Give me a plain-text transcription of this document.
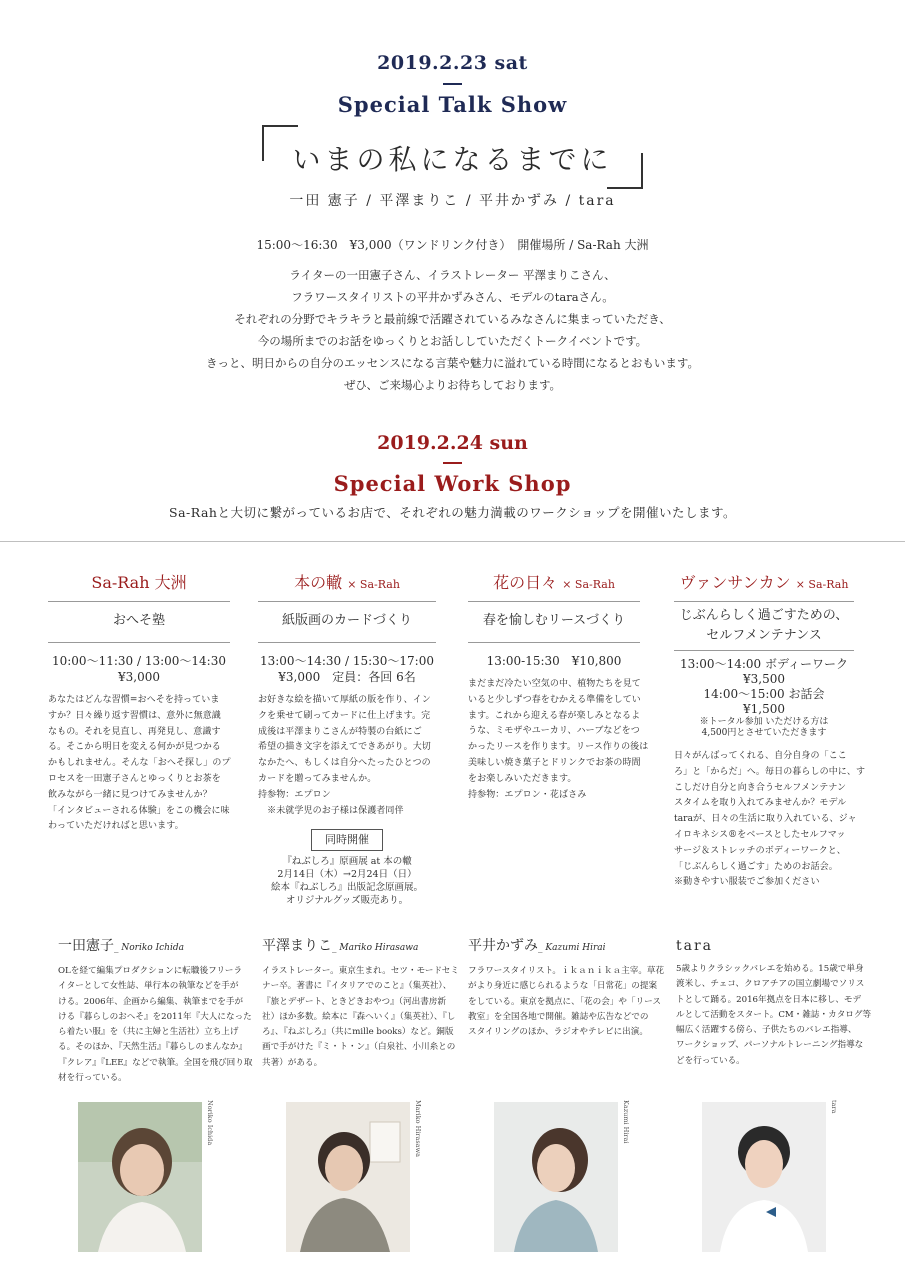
2019.2.23 sat
Special Talk Show
いまの私になるまでに
一田 憲子 / 平澤まりこ / 平井かずみ / tara
15:00〜16:30　¥3,000（ワンドリンク付き）　開催場所 / Sa-Rah 大洲
ライターの一田憲子さん、イラストレーター 平澤まりこさん、
フラワースタイリストの平井かずみさん、モデルのtaraさん。
それぞれの分野でキラキラと最前線で活躍されているみなさんに集まっていただき、
今の場所までのお話をゆっくりとお話ししていただくトークイベントです。
きっと、明日からの自分のエッセンスになる言葉や魅力に溢れている時間になるとおもいます。
ぜひ、ご来場心よりお待ちしております。
2019.2.24 sun
Special Work Shop
Sa-Rahと大切に繋がっているお店で、それぞれの魅力満載のワークショップを開催いたします。
Sa-Rah 大洲
おへそ塾
10:00〜11:30 / 13:00〜14:30
¥3,000
あなたはどんな習慣=おへそを持っていま
すか？日々繰り返す習慣は、意外に無意識
なもの。それを見直し、再発見し、意識す
る。そこから明日を変える何かが見つかる
かもしれません。そんな「おへそ探し」のプ
ロセスを一田憲子さんとゆっくりとお茶を
飲みながら一緒に見つけてみませんか？
「インタビューされる体験」をこの機会に味
わっていただければと思います。
本の轍 × Sa-Rah
紙版画のカードづくり
13:00〜14:30 / 15:30〜17:00
¥3,000　定員：各回 6名
お好きな絵を描いて厚紙の版を作り、イン
クを乗せて刷ってカードに仕上げます。完
成後は平澤まりこさんが特製の台紙にご
希望の描き文字を添えてできあがり。大切
なかたへ、もしくは自分へたったひとつの
カードを贈ってみませんか。
持参物：エプロン
　※未就学児のお子様は保護者同伴
同時開催
『ねぶしろ』原画展 at 本の轍
2月14日（木）→2月24日（日）
絵本『ねぶしろ』出版記念原画展。
オリジナルグッズ販売あり。
花の日々 × Sa-Rah
春を愉しむリースづくり
13:00-15:30　¥10,800
まだまだ冷たい空気の中、植物たちを見て
いると少しずつ春をむかえる準備をしてい
ます。これから迎える春が楽しみとなるよ
うな、ミモザやユーカリ、ハーブなどをつ
かったリースを作ります。リース作りの後は
美味しい焼き菓子とドリンクでお茶の時間
をお楽しみいただきます。
持参物：エプロン・花ばさみ
ヴァンサンカン × Sa-Rah
じぶんらしく過ごすための、
セルフメンテナンス
13:00〜14:00 ボディーワーク
¥3,500
14:00〜15:00 お話会
¥1,500
※トータル参加 いただける方は
4,500円とさせていただきます
日々がんばってくれる、自分自身の「ここ
ろ」と「からだ」へ。毎日の暮らしの中に、す
こしだけ自分と向き合うセルフメンテナン
スタイムを取り入れてみませんか？モデル
taraが、日々の生活に取り入れている、ジャ
イロキネシス®をベースとしたセルフマッ
サージ＆ストレッチのボディーワークと、
「じぶんらしく過ごす」ためのお話会。
※動きやすい服装でご参加ください
一田憲子_ Noriko Ichida
OLを経て編集プロダクションに転職後フリーラ
イターとして女性誌、単行本の執筆などを手が
ける。2006年、企画から編集、執筆までを手が
ける『暮らしのおへそ』を2011年『大人になった
ら着たい服』を（共に主婦と生活社）立ち上げ
る。そのほか、『天然生活』『暮らしのまんなか』
『クレア』『LEE』などで執筆。全国を飛び回り取
材を行っている。
平澤まりこ_ Mariko Hirasawa
イラストレーター。東京生まれ。セツ・モードセミ
ナー卒。著書に『イタリアでのこと』（集英社）、
『旅とデザート、ときどきおやつ』（河出書房新
社）ほか多数。絵本に『森へいく』（集英社）、『し
ろ』、『ねぶしろ』（共にmille books）など。銅版
画で手がけた『ミ・ト・ン』（白泉社、小川糸との
共著）がある。
平井かずみ_ Kazumi Hirai
フラワースタイリスト。ｉｋａｎｉｋａ主宰。草花
がより身近に感じられるような「日常花」の提案
をしている。東京を拠点に、「花の会」や「リース
教室」を全国各地で開催。雑誌や広告などでの
スタイリングのほか、ラジオやテレビに出演。
tara
5歳よりクラシックバレエを始める。15歳で単身
渡米し、チェコ、クロアチアの国立劇場でソリス
トとして踊る。2016年拠点を日本に移し、モデ
ルとして活動をスタート。CM・雑誌・カタログ等
幅広く活躍する傍ら、子供たちのバレエ指導、
ワークショップ、パーソナルトレーニング指導な
どを行っている。
Noriko Ichida	Mariko Hirasawa	Kazumi Hirai	tara
